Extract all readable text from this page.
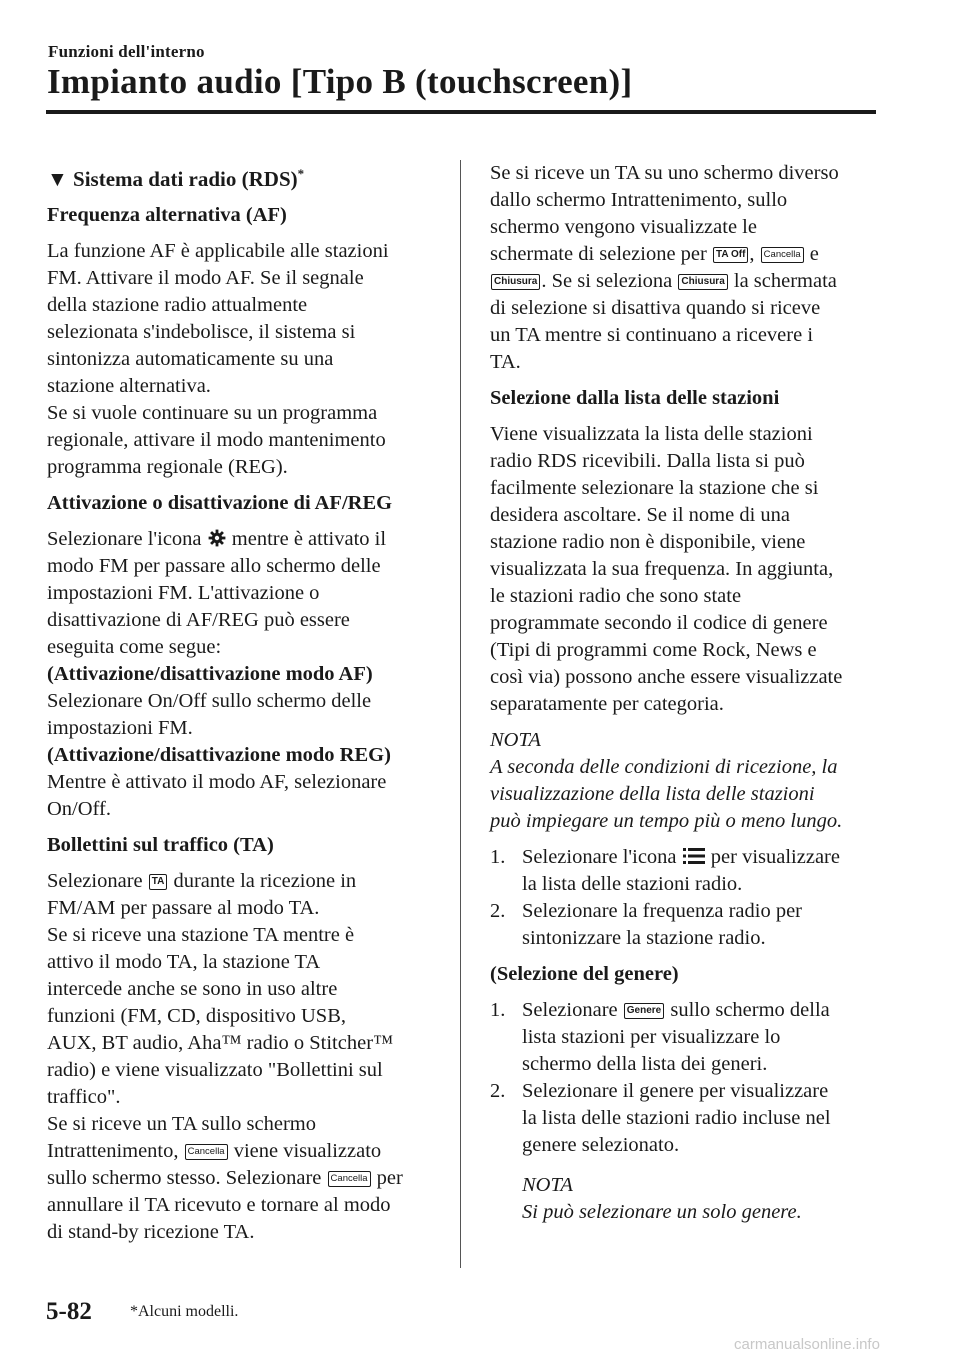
Funzioni dell'interno
Impianto audio [Tipo B (touchscreen)]

▼ Sistema dati radio (RDS)*

Frequenza alternativa (AF)

La funzione AF è applicabile alle stazioni

FM. Attivare il modo AF. Se il segnale

della stazione radio attualmente

selezionata s'indebolisce, il sistema si

sintonizza automaticamente su una

stazione alternativa.

Se si vuole continuare su un programma

regionale, attivare il modo mantenimento

programma regionale (REG).

Attivazione o disattivazione di AF/REG

Selezionare l'icona mentre è attivato il

modo FM per passare allo schermo delle

impostazioni FM. L'attivazione o

disattivazione di AF/REG può essere

eseguita come segue:

(Attivazione/disattivazione modo AF)

Selezionare On/Off sullo schermo delle

impostazioni FM.

(Attivazione/disattivazione modo REG)

Mentre è attivato il modo AF, selezionare

On/Off.

Bollettini sul traffico (TA)

Selezionare TA durante la ricezione in

FM/AM per passare al modo TA.

Se si riceve una stazione TA mentre è

attivo il modo TA, la stazione TA

intercede anche se sono in uso altre

funzioni (FM, CD, dispositivo USB,

AUX, BT audio, Aha™ radio o Stitcher™

radio) e viene visualizzato "Bollettini sul

traffico".

Se si riceve un TA sullo schermo

Intrattenimento, Cancella viene visualizzato

sullo schermo stesso. Selezionare Cancella per

annullare il TA ricevuto e tornare al modo

di stand-by ricezione TA.

Se si riceve un TA su uno schermo diverso

dallo schermo Intrattenimento, sullo

schermo vengono visualizzate le

schermate di selezione per TA Off , Cancella e

Chiusura . Se si seleziona Chiusura la schermata

di selezione si disattiva quando si riceve

un TA mentre si continuano a ricevere i

TA.

Selezione dalla lista delle stazioni

Viene visualizzata la lista delle stazioni

radio RDS ricevibili. Dalla lista si può

facilmente selezionare la stazione che si

desidera ascoltare. Se il nome di una

stazione radio non è disponibile, viene

visualizzata la sua frequenza. In aggiunta,

le stazioni radio che sono state

programmate secondo il codice di genere

(Tipi di programmi come Rock, News e

così via) possono anche essere visualizzate

separatamente per categoria.

NOTA

A seconda delle condizioni di ricezione, la

visualizzazione della lista delle stazioni

può impiegare un tempo più o meno lungo.

1. Selezionare l'icona per visualizzare

la lista delle stazioni radio.

2. Selezionare la frequenza radio per

sintonizzare la stazione radio.

(Selezione del genere)

1. Selezionare Genere sullo schermo della

lista stazioni per visualizzare lo

schermo della lista dei generi.

2. Selezionare il genere per visualizzare

la lista delle stazioni radio incluse nel

genere selezionato.

NOTA

Si può selezionare un solo genere.

5-82 *Alcuni modelli.
carmanualsonline.info
